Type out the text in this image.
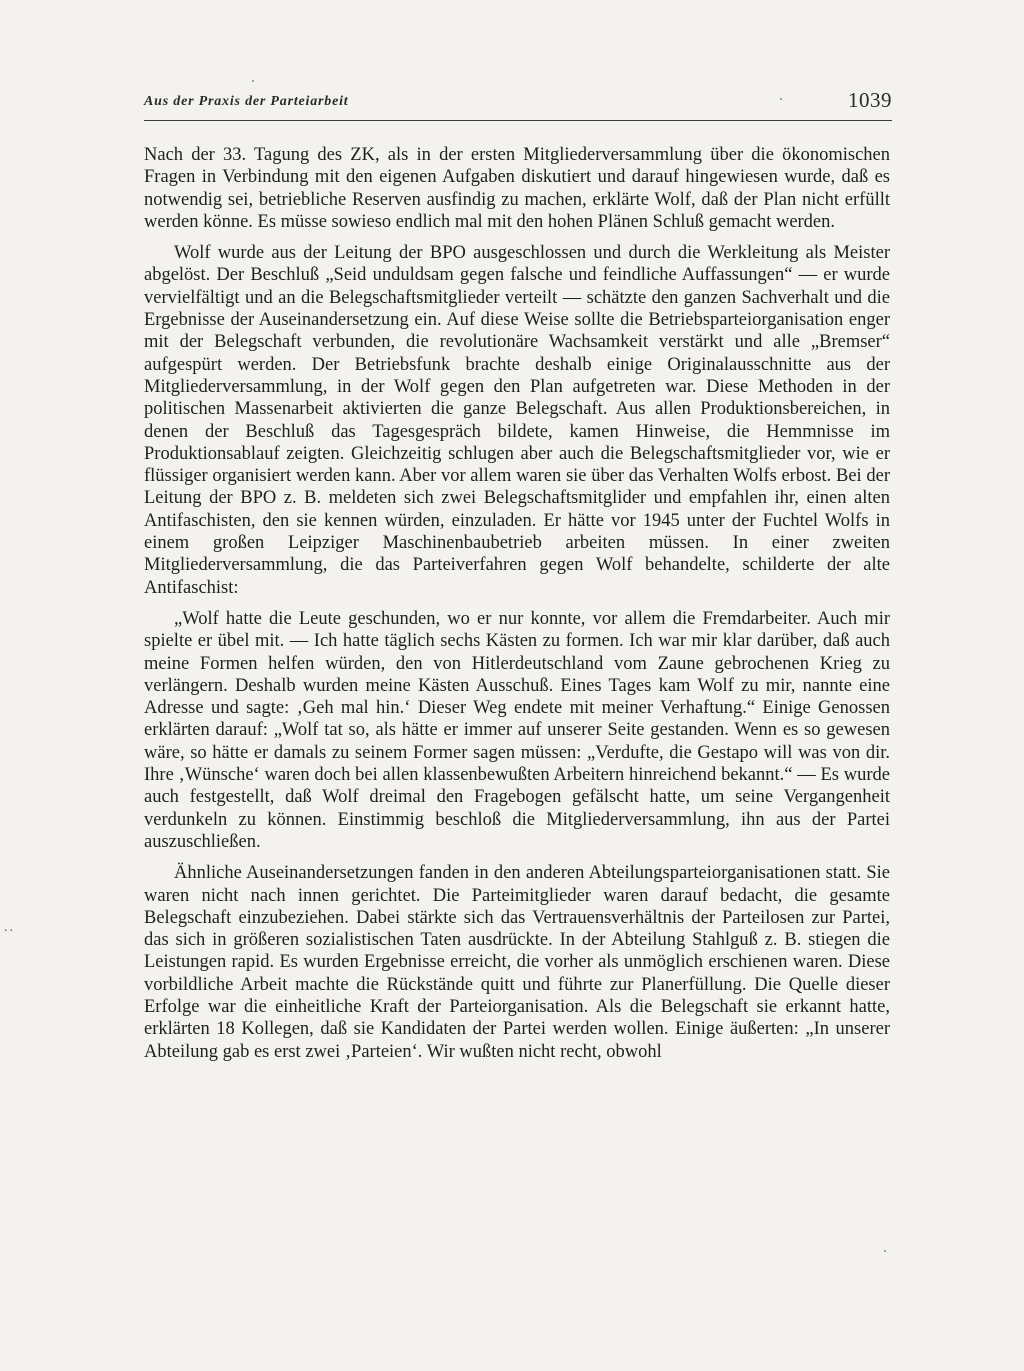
Aus der Praxis der Parteiarbeit	1039

Nach der 33. Tagung des ZK, als in der ersten Mitgliederversammlung über die ökonomischen Fragen in Verbindung mit den eigenen Aufgaben diskutiert und darauf hingewiesen wurde, daß es notwendig sei, betriebliche Reserven ausfindig zu machen, erklärte Wolf, daß der Plan nicht erfüllt werden könne. Es müsse sowieso endlich mal mit den hohen Plänen Schluß gemacht werden.

Wolf wurde aus der Leitung der BPO ausgeschlossen und durch die Werkleitung als Meister abgelöst. Der Beschluß „Seid unduldsam gegen falsche und feindliche Auffassungen“ — er wurde vervielfältigt und an die Belegschaftsmitglieder verteilt — schätzte den ganzen Sachverhalt und die Ergebnisse der Auseinandersetzung ein. Auf diese Weise sollte die Betriebsparteiorganisation enger mit der Belegschaft verbunden, die revolutionäre Wachsamkeit verstärkt und alle „Bremser“ aufgespürt werden. Der Betriebsfunk brachte deshalb einige Originalausschnitte aus der Mitgliederversammlung, in der Wolf gegen den Plan aufgetreten war. Diese Methoden in der politischen Massenarbeit aktivierten die ganze Belegschaft. Aus allen Produktionsbereichen, in denen der Beschluß das Tagesgespräch bildete, kamen Hinweise, die Hemmnisse im Produktionsablauf zeigten. Gleichzeitig schlugen aber auch die Belegschaftsmitglieder vor, wie er flüssiger organisiert werden kann. Aber vor allem waren sie über das Verhalten Wolfs erbost. Bei der Leitung der BPO z. B. meldeten sich zwei Belegschaftsmitglider und empfahlen ihr, einen alten Antifaschisten, den sie kennen würden, einzuladen. Er hätte vor 1945 unter der Fuchtel Wolfs in einem großen Leipziger Maschinenbaubetrieb arbeiten müssen. In einer zweiten Mitgliederversammlung, die das Parteiverfahren gegen Wolf behandelte, schilderte der alte Antifaschist:

„Wolf hatte die Leute geschunden, wo er nur konnte, vor allem die Fremdarbeiter. Auch mir spielte er übel mit. — Ich hatte täglich sechs Kästen zu formen. Ich war mir klar darüber, daß auch meine Formen helfen würden, den von Hitlerdeutschland vom Zaune gebrochenen Krieg zu verlängern. Deshalb wurden meine Kästen Ausschuß. Eines Tages kam Wolf zu mir, nannte eine Adresse und sagte: ‚Geh mal hin.‘ Dieser Weg endete mit meiner Verhaftung.“ Einige Genossen erklärten darauf: „Wolf tat so, als hätte er immer auf unserer Seite gestanden. Wenn es so gewesen wäre, so hätte er damals zu seinem Former sagen müssen: „Verdufte, die Gestapo will was von dir. Ihre ‚Wünsche‘ waren doch bei allen klassenbewußten Arbeitern hinreichend bekannt.“ — Es wurde auch festgestellt, daß Wolf dreimal den Fragebogen gefälscht hatte, um seine Vergangenheit verdunkeln zu können. Einstimmig beschloß die Mitgliederversammlung, ihn aus der Partei auszuschließen.

Ähnliche Auseinandersetzungen fanden in den anderen Abteilungsparteiorganisationen statt. Sie waren nicht nach innen gerichtet. Die Parteimitglieder waren darauf bedacht, die gesamte Belegschaft einzubeziehen. Dabei stärkte sich das Vertrauensverhältnis der Parteilosen zur Partei, das sich in größeren sozialistischen Taten ausdrückte. In der Abteilung Stahlguß z. B. stiegen die Leistungen rapid. Es wurden Ergebnisse erreicht, die vorher als unmöglich erschienen waren. Diese vorbildliche Arbeit machte die Rückstände quitt und führte zur Planerfüllung. Die Quelle dieser Erfolge war die einheitliche Kraft der Parteiorganisation. Als die Belegschaft sie erkannt hatte, erklärten 18 Kollegen, daß sie Kandidaten der Partei werden wollen. Einige äußerten: „In unserer Abteilung gab es erst zwei ‚Parteien‘. Wir wußten nicht recht, obwohl

..
